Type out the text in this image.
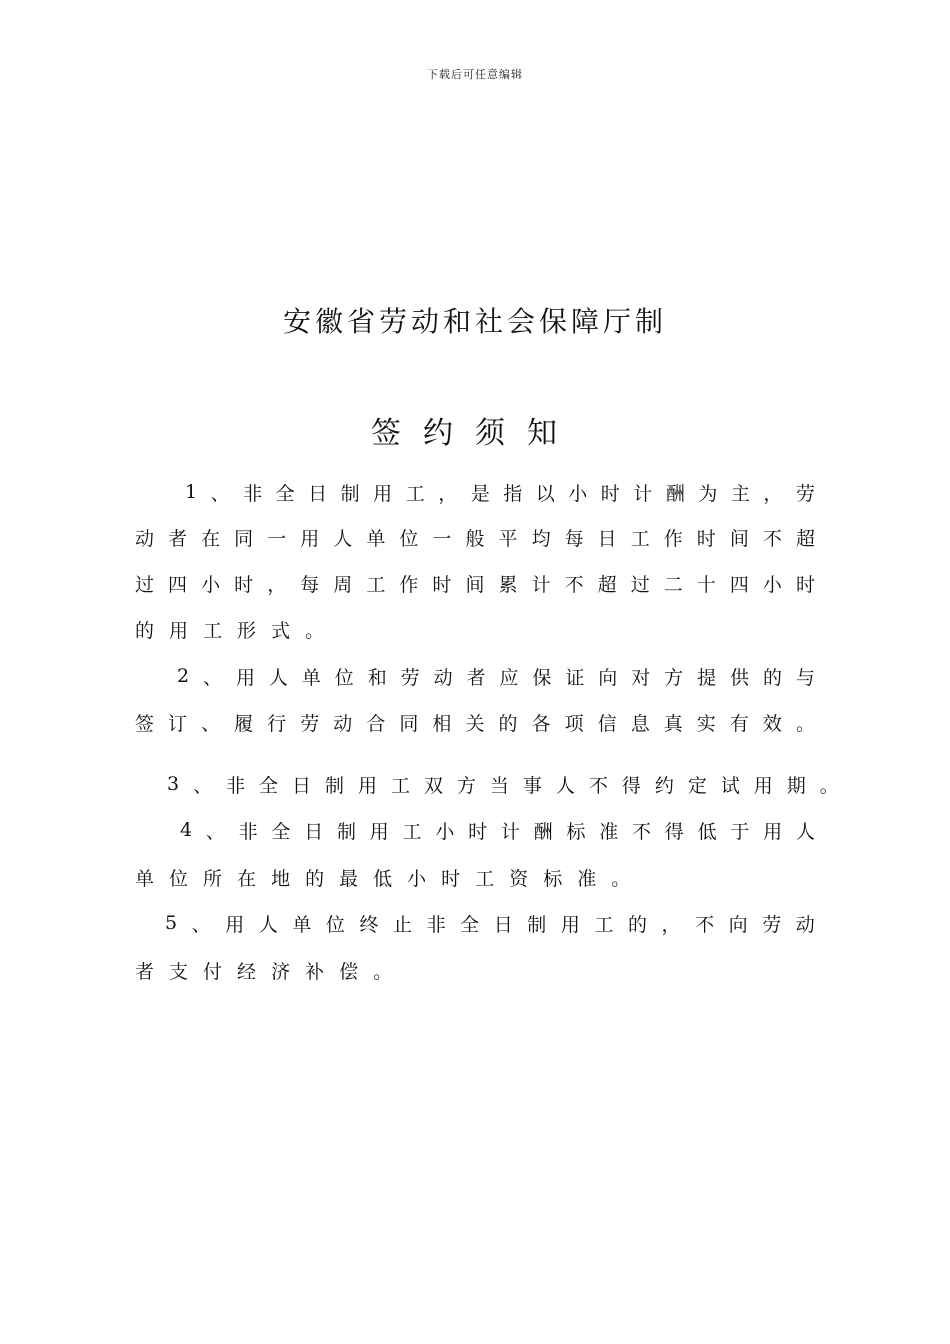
下载后可任意编辑
安徽省劳动和社会保障厅制
签约须知
1 、 非 全 日 制 用 工 ， 是 指 以 小 时 计 酬 为 主 ， 劳
动 者 在 同 一 用 人 单 位 一 般 平 均 每 日 工 作 时 间 不 超
过 四 小 时 ， 每 周 工 作 时 间 累 计 不 超 过 二 十 四 小 时
的 用 工 形 式 。
2 、 用 人 单 位 和 劳 动 者 应 保 证 向 对 方 提 供 的 与
签 订 、 履 行 劳 动 合 同 相 关 的 各 项 信 息 真 实 有 效 。
3 、 非 全 日 制 用 工 双 方 当 事 人 不 得 约 定 试 用 期 。
4 、 非 全 日 制 用 工 小 时 计 酬 标 准 不 得 低 于 用 人
单 位 所 在 地 的 最 低 小 时 工 资 标 准 。
5 、 用 人 单 位 终 止 非 全 日 制 用 工 的 ， 不 向 劳 动
者 支 付 经 济 补 偿 。
